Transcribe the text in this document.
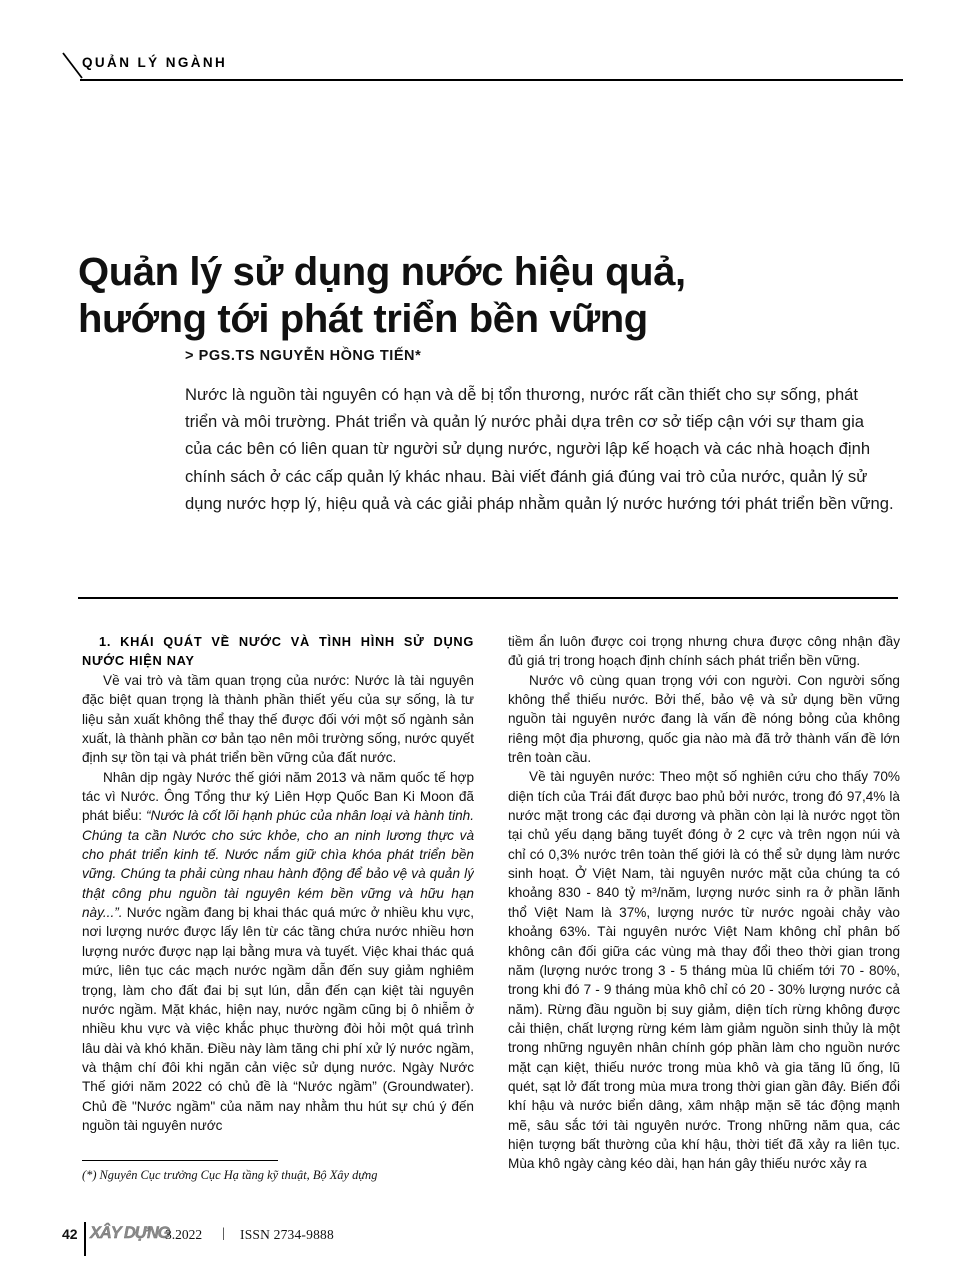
QUẢN LÝ NGÀNH
Quản lý sử dụng nước hiệu quả,
hướng tới phát triển bền vững
> PGS.TS NGUYỄN HỒNG TIẾN*
Nước là nguồn tài nguyên có hạn và dễ bị tổn thương, nước rất cần thiết cho sự sống, phát triển và môi trường. Phát triển và quản lý nước phải dựa trên cơ sở tiếp cận với sự tham gia của các bên có liên quan từ người sử dụng nước, người lập kế hoạch và các nhà hoạch định chính sách ở các cấp quản lý khác nhau. Bài viết đánh giá đúng vai trò của nước, quản lý sử dụng nước hợp lý, hiệu quả và các giải pháp nhằm quản lý nước hướng tới phát triển bền vững.
1. KHÁI QUÁT VỀ NƯỚC VÀ TÌNH HÌNH SỬ DỤNG NƯỚC HIỆN NAY

Về vai trò và tầm quan trọng của nước: Nước là tài nguyên đặc biệt quan trọng là thành phần thiết yếu của sự sống, là tư liệu sản xuất không thể thay thế được đối với một số ngành sản xuất, là thành phần cơ bản tạo nên môi trường sống, nước quyết định sự tồn tại và phát triển bền vững của đất nước.

Nhân dịp ngày Nước thế giới năm 2013 và năm quốc tế hợp tác vì Nước. Ông Tổng thư ký Liên Hợp Quốc Ban Ki Moon đã phát biểu: “Nước là cốt lõi hạnh phúc của nhân loại và hành tinh. Chúng ta cần Nước cho sức khỏe, cho an ninh lương thực và cho phát triển kinh tế. Nước nắm giữ chìa khóa phát triển bền vững. Chúng ta phải cùng nhau hành động để bảo vệ và quản lý thật công phu nguồn tài nguyên kém bền vững và hữu hạn này...”. Nước ngầm đang bị khai thác quá mức ở nhiều khu vực, nơi lượng nước được lấy lên từ các tầng chứa nước nhiều hơn lượng nước được nạp lại bằng mưa và tuyết. Việc khai thác quá mức, liên tục các mạch nước ngầm dẫn đến suy giảm nghiêm trọng, làm cho đất đai bị sụt lún, dẫn đến cạn kiệt tài nguyên nước ngầm. Mặt khác, hiện nay, nước ngầm cũng bị ô nhiễm ở nhiều khu vực và việc khắc phục thường đòi hỏi một quá trình lâu dài và khó khăn. Điều này làm tăng chi phí xử lý nước ngầm, và thậm chí đôi khi ngăn cản việc sử dụng nước. Ngày Nước Thế giới năm 2022 có chủ đề là “Nước ngầm” (Groundwater). Chủ đề "Nước ngầm" của năm nay nhằm thu hút sự chú ý đến nguồn tài nguyên nước

tiềm ẩn luôn được coi trọng nhưng chưa được công nhận đầy đủ giá trị trong hoạch định chính sách phát triển bền vững.

Nước vô cùng quan trọng với con người. Con người sống không thể thiếu nước. Bởi thế, bảo vệ và sử dụng bền vững nguồn tài nguyên nước đang là vấn đề nóng bỏng của không riêng một địa phương, quốc gia nào mà đã trở thành vấn đề lớn trên toàn cầu.

Về tài nguyên nước: Theo một số nghiên cứu cho thấy 70% diện tích của Trái đất được bao phủ bởi nước, trong đó 97,4% là nước mặt trong các đại dương và phần còn lại là nước ngọt tồn tại chủ yếu dạng băng tuyết đóng ở 2 cực và trên ngọn núi và chỉ có 0,3% nước trên toàn thế giới là có thể sử dụng làm nước sinh hoạt. Ở Việt Nam, tài nguyên nước mặt của chúng ta có khoảng 830 - 840 tỷ m³/năm, lượng nước sinh ra ở phần lãnh thổ Việt Nam là 37%, lượng nước từ nước ngoài chảy vào khoảng 63%. Tài nguyên nước Việt Nam không chỉ phân bố không cân đối giữa các vùng mà thay đổi theo thời gian trong năm (lượng nước trong 3 - 5 tháng mùa lũ chiếm tới 70 - 80%, trong khi đó 7 - 9 tháng mùa khô chỉ có 20 - 30% lượng nước cả năm). Rừng đầu nguồn bị suy giảm, diện tích rừng không được cải thiện, chất lượng rừng kém làm giảm nguồn sinh thủy là một trong những nguyên nhân chính góp phần làm cho nguồn nước mặt cạn kiệt, thiếu nước trong mùa khô và gia tăng lũ ống, lũ quét, sạt lở đất trong mùa mưa trong thời gian gần đây. Biến đổi khí hậu và nước biển dâng, xâm nhập mặn sẽ tác động mạnh mẽ, sâu sắc tới tài nguyên nước. Trong những năm qua, các hiện tượng bất thường của khí hậu, thời tiết đã xảy ra liên tục. Mùa khô ngày càng kéo dài, hạn hán gây thiếu nước xảy ra

(*) Nguyên Cục trưởng Cục Hạ tầng kỹ thuật, Bộ Xây dựng
42 XÂY DỰNG
3.2022 | ISSN 2734-9888
